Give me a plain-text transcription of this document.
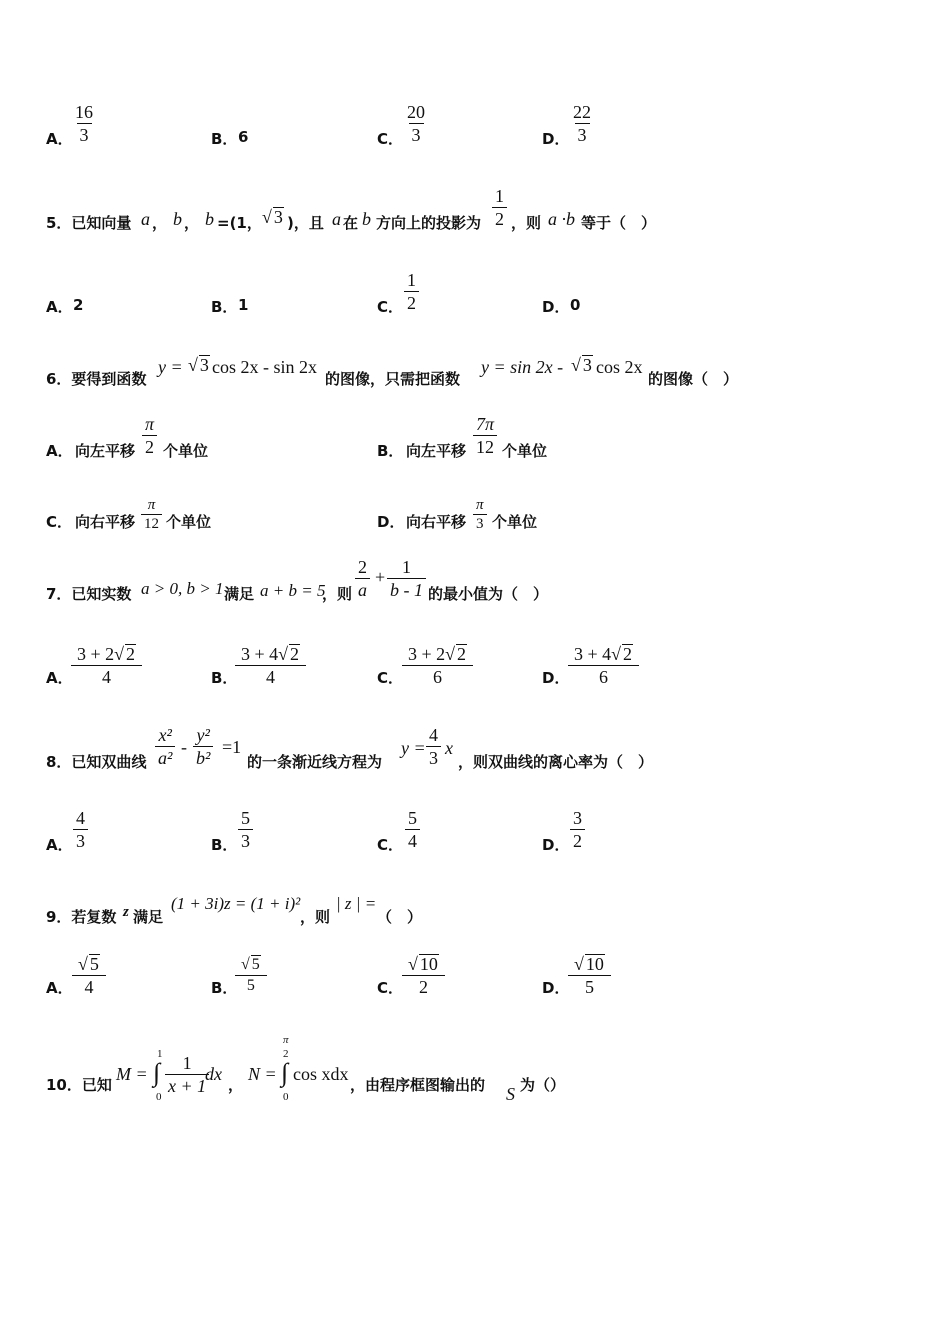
A． $\frac{16}{3}$	B． 6	C． $\frac{20}{3}$	D． $\frac{22}{3}$
5．已知向量 a ， b ， b =(1， √ 3 )，且 a 在 b 方向上的投影为 $\frac{1}{2}$ ，则 a ·b 等于（　）
A． 2	B． 1	C． $\frac{1}{2}$	D． 0
6．要得到函数
y = √ 3 cos 2x - sin 2x
的图像，只需把函数
y = sin 2x - √ 3 cos 2x
的图像（　）
A． 向左平移 $\frac{\pi}{2}$ 个单位	B． 向左平移 $\frac{7\pi}{12}$ 个单位
C． 向右平移 $\frac{\pi}{12}$ 个单位	D． 向右平移 $\frac{\pi}{3}$ 个单位
7．已知实数 a > 0, b > 1 满足 a + b = 5
，则 $\frac{2}{a} + \frac{1}{b - 1}$ 的最小值为（　）
A． $\frac{3 + 2√ 2}{4}$	B． $\frac{3 + 4√ 2}{4}$	C． $\frac{3 + 2√ 2}{6}$	D． $\frac{3 + 4√ 2}{6}$
8．已知双曲线 $\frac{\text{x²}}{\text{a²}} - \frac{\text{y²}}{\text{b²}} =1$
的一条渐近线方程为
$y = \frac{4}{3}$ x
，则双曲线的离心率为（　）
A． $\frac{4}{3}$	B． $\frac{5}{3}$	C． $\frac{5}{4}$	D． $\frac{3}{2}$
9．若复数 z 满足
(1 + 3i)z = (1 + i)²
，则
| z | =
（　）
A． $\frac{√ 5}{4}$	B． $\frac{√ 5}{5}$	C． $\frac{√ 10}{2}$	D． $\frac{√ 10}{5}$
10．已知
M =
1
∫
$0 \frac{1}{x + 1}$
dx
，
N =
π
2
∫
0
cos xdx
，由程序框图输出的 S 为（）
